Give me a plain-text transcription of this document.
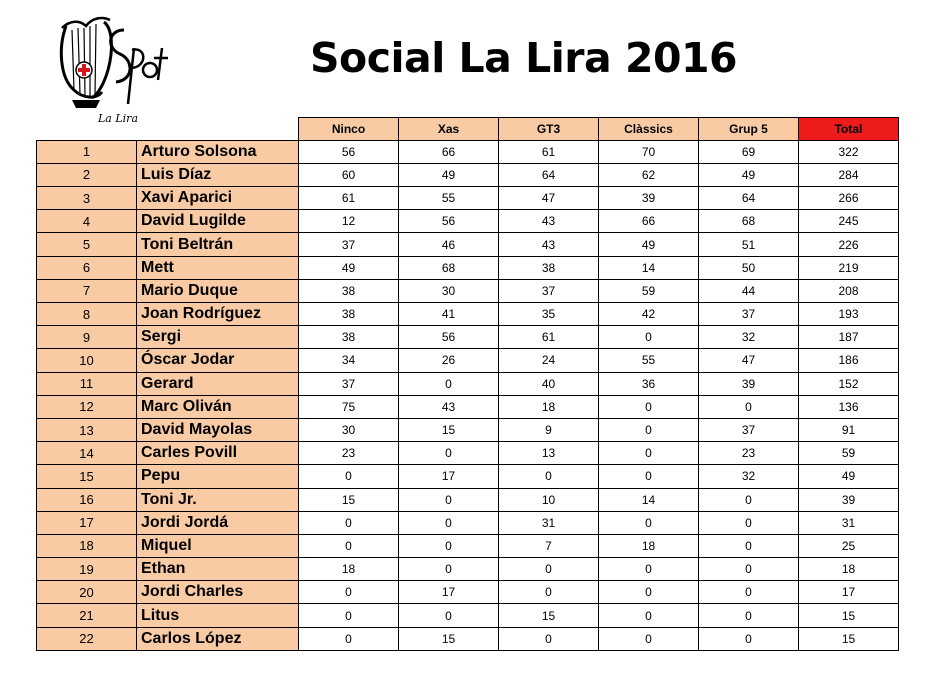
La Lira
Social La Lira 2016
		Ninco	Xas	GT3	Clàssics	Grup 5	Total
1	Arturo Solsona	56	66	61	70	69	322
2	Luis Díaz	60	49	64	62	49	284
3	Xavi Aparici	61	55	47	39	64	266
4	David Lugilde	12	56	43	66	68	245
5	Toni Beltrán	37	46	43	49	51	226
6	Mett	49	68	38	14	50	219
7	Mario Duque	38	30	37	59	44	208
8	Joan Rodríguez	38	41	35	42	37	193
9	Sergi	38	56	61	0	32	187
10	Óscar Jodar	34	26	24	55	47	186
11	Gerard	37	0	40	36	39	152
12	Marc Oliván	75	43	18	0	0	136
13	David Mayolas	30	15	9	0	37	91
14	Carles Povill	23	0	13	0	23	59
15	Pepu	0	17	0	0	32	49
16	Toni Jr.	15	0	10	14	0	39
17	Jordi Jordá	0	0	31	0	0	31
18	Miquel	0	0	7	18	0	25
19	Ethan	18	0	0	0	0	18
20	Jordi Charles	0	17	0	0	0	17
21	Litus	0	0	15	0	0	15
22	Carlos López	0	15	0	0	0	15
